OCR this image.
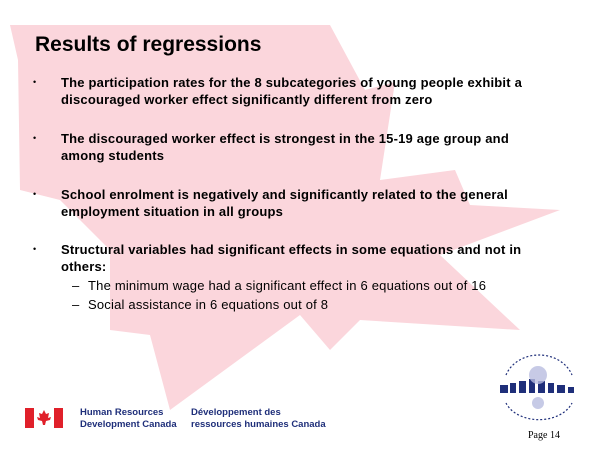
Results of regressions
• The participation rates for the 8 subcategories of young people exhibit a
discouraged worker effect significantly different from zero
• The discouraged worker effect is strongest in the 15-19 age group and
among students
• School enrolment is negatively and significantly related to the general
employment situation in all groups
• Structural variables had significant effects in some equations and not in
others:
– The minimum wage had a significant effect in 6 equations out of 16
– Social assistance in 6 equations out of 8
Human Resources
Development Canada
Développement des
ressources humaines Canada
Page 14
